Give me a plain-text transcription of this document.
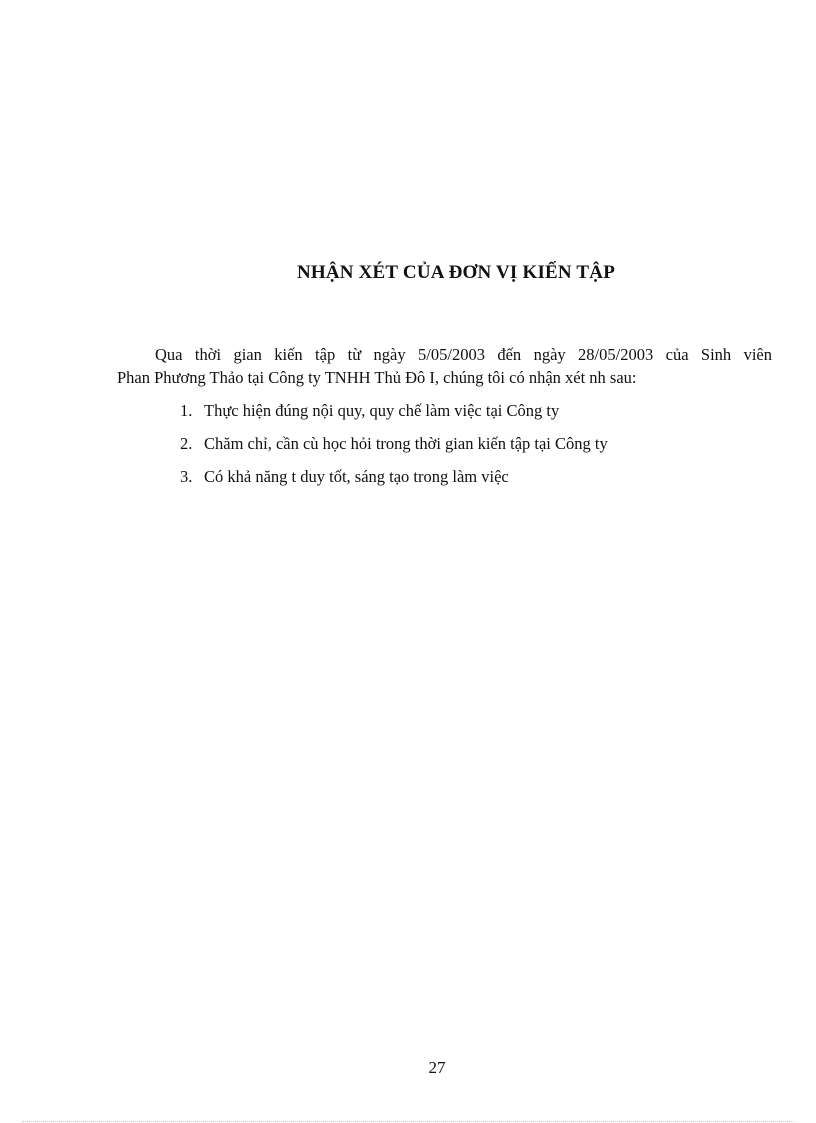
NHẬN XÉT CỦA ĐƠN VỊ KIẾN TẬP
Qua thời gian kiến tập từ ngày 5/05/2003 đến ngày 28/05/2003 của Sinh viên
Phan Phương Thảo tại Công ty TNHH Thủ Đô I, chúng tôi có nhận xét nh sau:
1. Thực hiện đúng nội quy, quy chế làm việc tại Công ty
2. Chăm chỉ, cần cù học hỏi trong thời gian kiến tập tại Công ty
3. Có khả năng t duy tốt, sáng tạo trong làm việc
27
